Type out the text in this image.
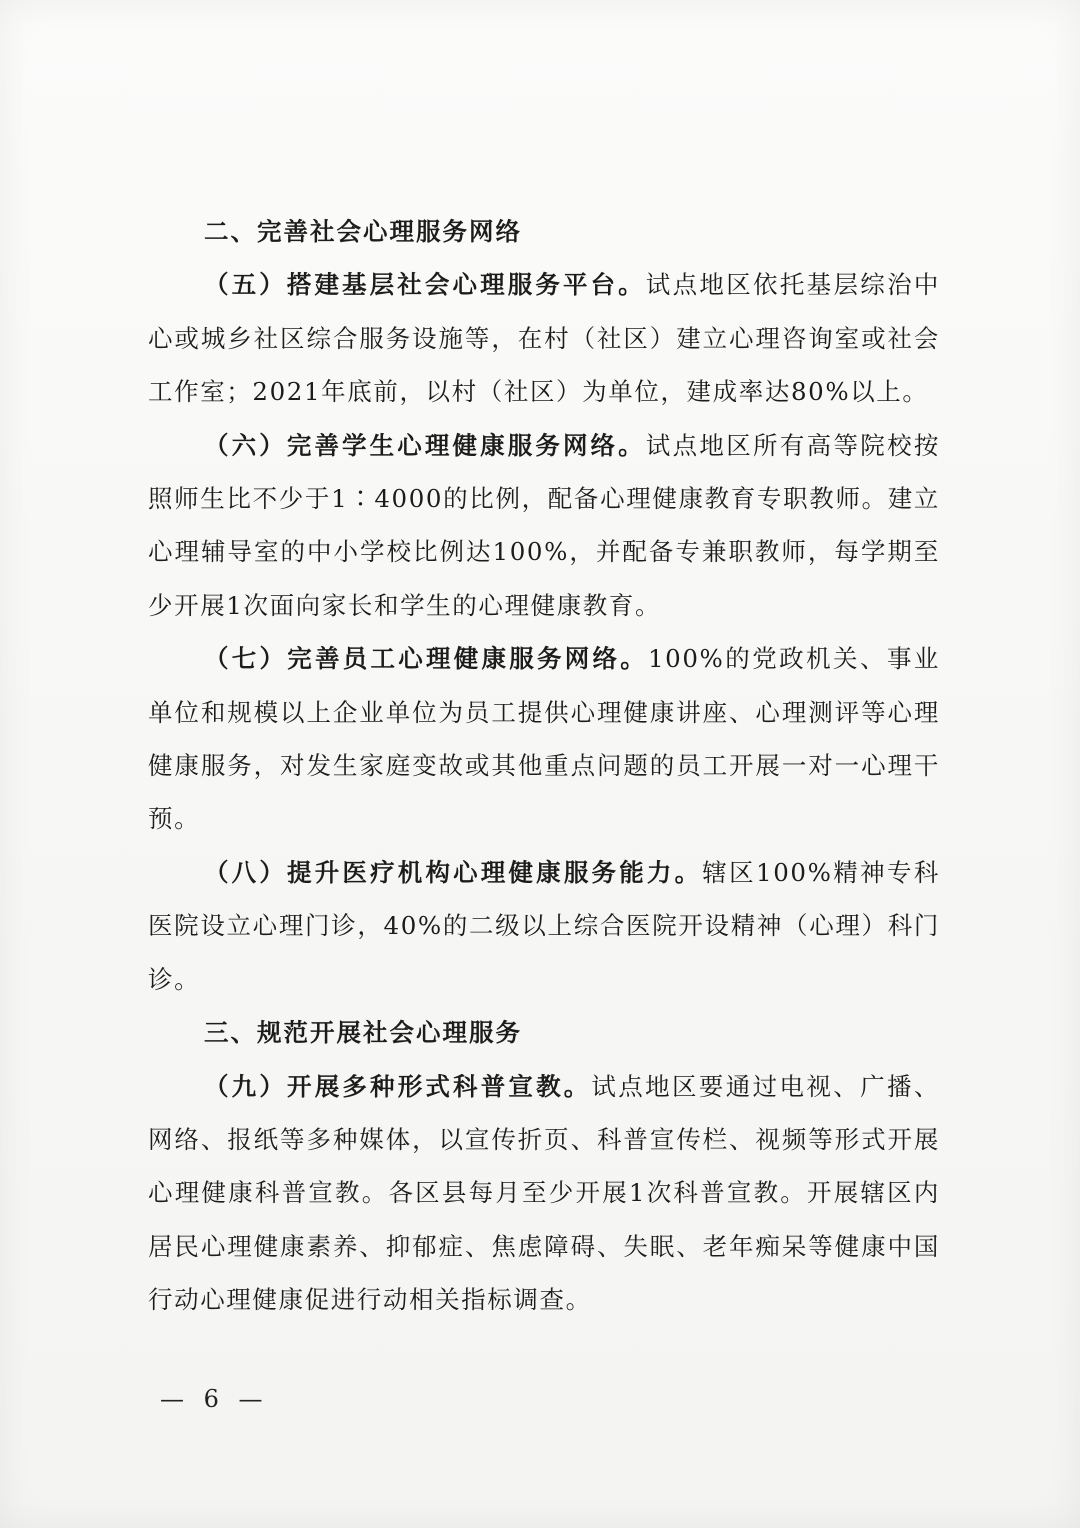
二、完善社会心理服务网络

（五）搭建基层社会心理服务平台。试点地区依托基层综治中心或城乡社区综合服务设施等，在村（社区）建立心理咨询室或社会工作室；2021年底前，以村（社区）为单位，建成率达80%以上。

（六）完善学生心理健康服务网络。试点地区所有高等院校按照师生比不少于1∶4000的比例，配备心理健康教育专职教师。建立心理辅导室的中小学校比例达100%，并配备专兼职教师，每学期至少开展1次面向家长和学生的心理健康教育。

（七）完善员工心理健康服务网络。100%的党政机关、事业单位和规模以上企业单位为员工提供心理健康讲座、心理测评等心理健康服务，对发生家庭变故或其他重点问题的员工开展一对一心理干预。

（八）提升医疗机构心理健康服务能力。辖区100%精神专科医院设立心理门诊，40%的二级以上综合医院开设精神（心理）科门诊。

三、规范开展社会心理服务

（九）开展多种形式科普宣教。试点地区要通过电视、广播、网络、报纸等多种媒体，以宣传折页、科普宣传栏、视频等形式开展心理健康科普宣教。各区县每月至少开展1次科普宣教。开展辖区内居民心理健康素养、抑郁症、焦虑障碍、失眠、老年痴呆等健康中国行动心理健康促进行动相关指标调查。

— 6 —
